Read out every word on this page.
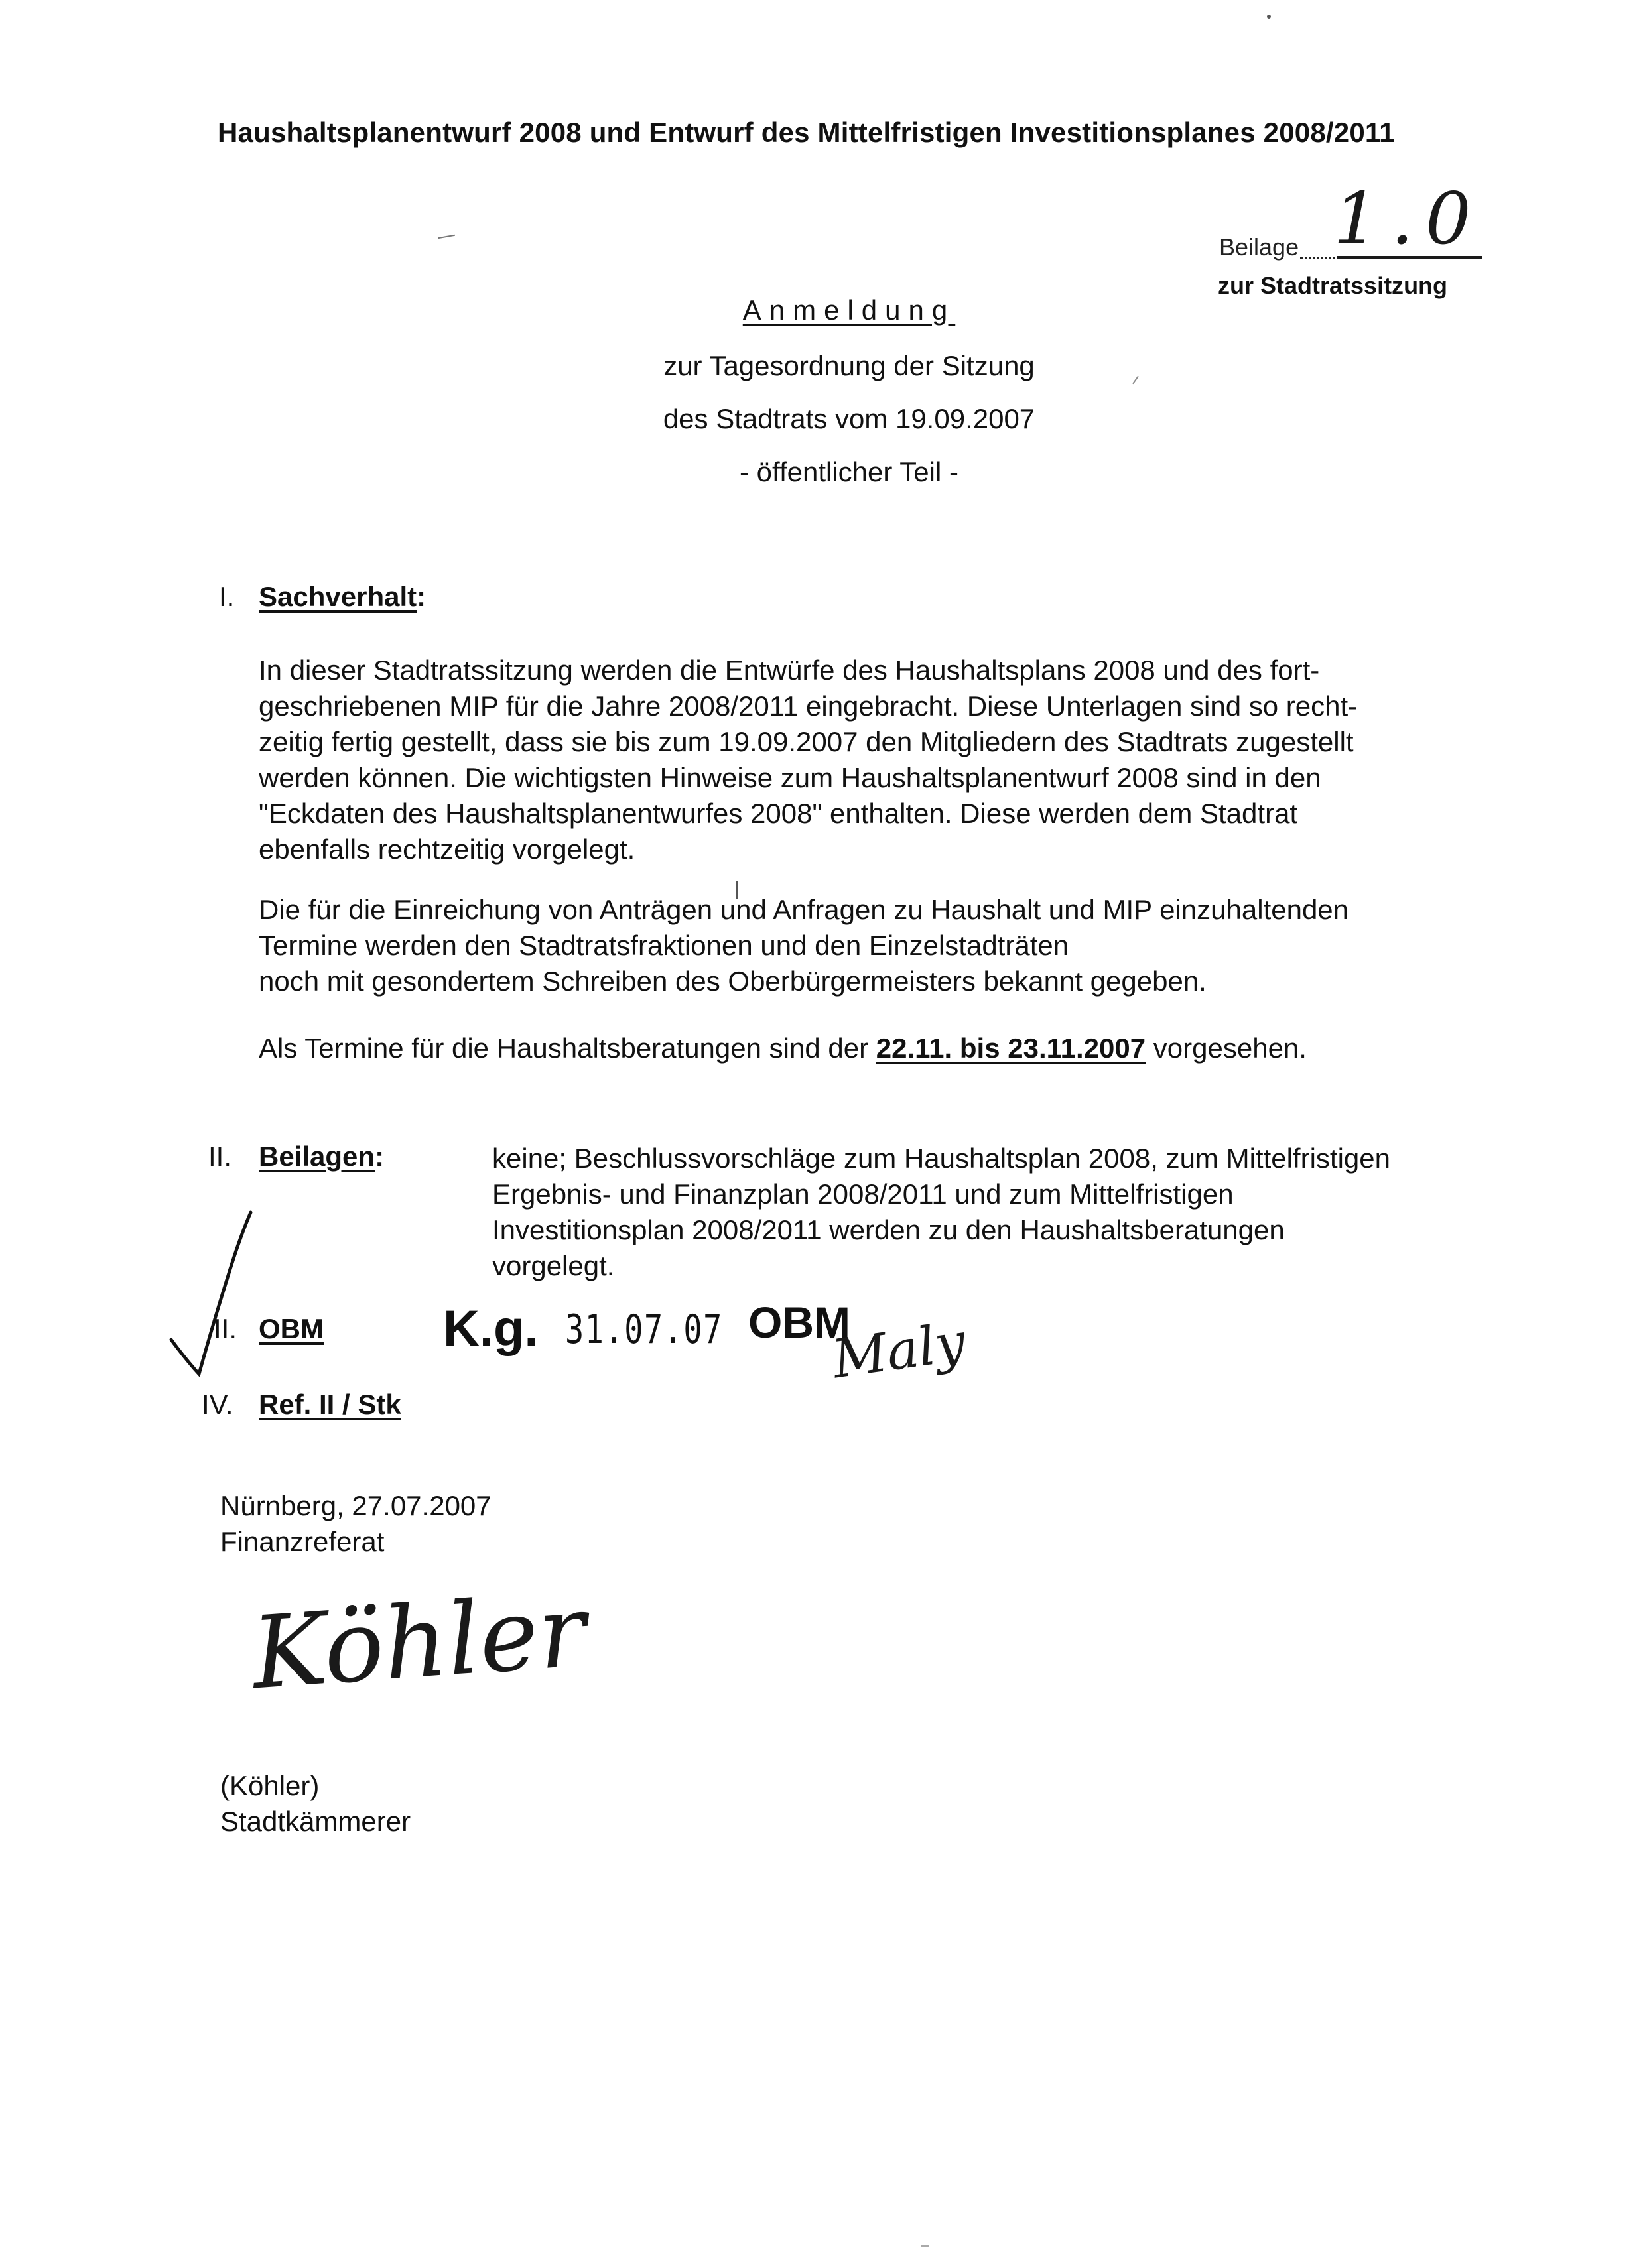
Haushaltsplanentwurf 2008 und Entwurf des Mittelfristigen Investitionsplanes 2008/2011
Beilage 1.0
zur Stadtratssitzung
Anmeldung
zur Tagesordnung der Sitzung
des Stadtrats vom 19.09.2007
- öffentlicher Teil -
I. Sachverhalt:

In dieser Stadtratssitzung werden die Entwürfe des Haushaltsplans 2008 und des fort-
geschriebenen MIP für die Jahre 2008/2011 eingebracht. Diese Unterlagen sind so recht-
zeitig fertig gestellt, dass sie bis zum 19.09.2007 den Mitgliedern des Stadtrats zugestellt
werden können. Die wichtigsten Hinweise zum Haushaltsplanentwurf 2008 sind in den
"Eckdaten des Haushaltsplanentwurfes 2008" enthalten. Diese werden dem Stadtrat
ebenfalls rechtzeitig vorgelegt.

Die für die Einreichung von Anträgen und Anfragen zu Haushalt und MIP einzuhaltenden
Termine werden den Stadtratsfraktionen und den Einzelstadträten
noch mit gesondertem Schreiben des Oberbürgermeisters bekannt gegeben.

Als Termine für die Haushaltsberatungen sind der 22.11. bis 23.11.2007 vorgesehen.

II. Beilagen:	keine; Beschlussvorschläge zum Haushaltsplan 2008, zum Mittelfristigen
Ergebnis- und Finanzplan 2008/2011 und zum Mittelfristigen
Investitionsplan 2008/2011 werden zu den Haushaltsberatungen
vorgelegt.
II. OBM K.g. 31.07.07 OBM
Maly
IV. Ref. II / Stk
Nürnberg, 27.07.2007
Finanzreferat
Köhler
(Köhler)
Stadtkämmerer
